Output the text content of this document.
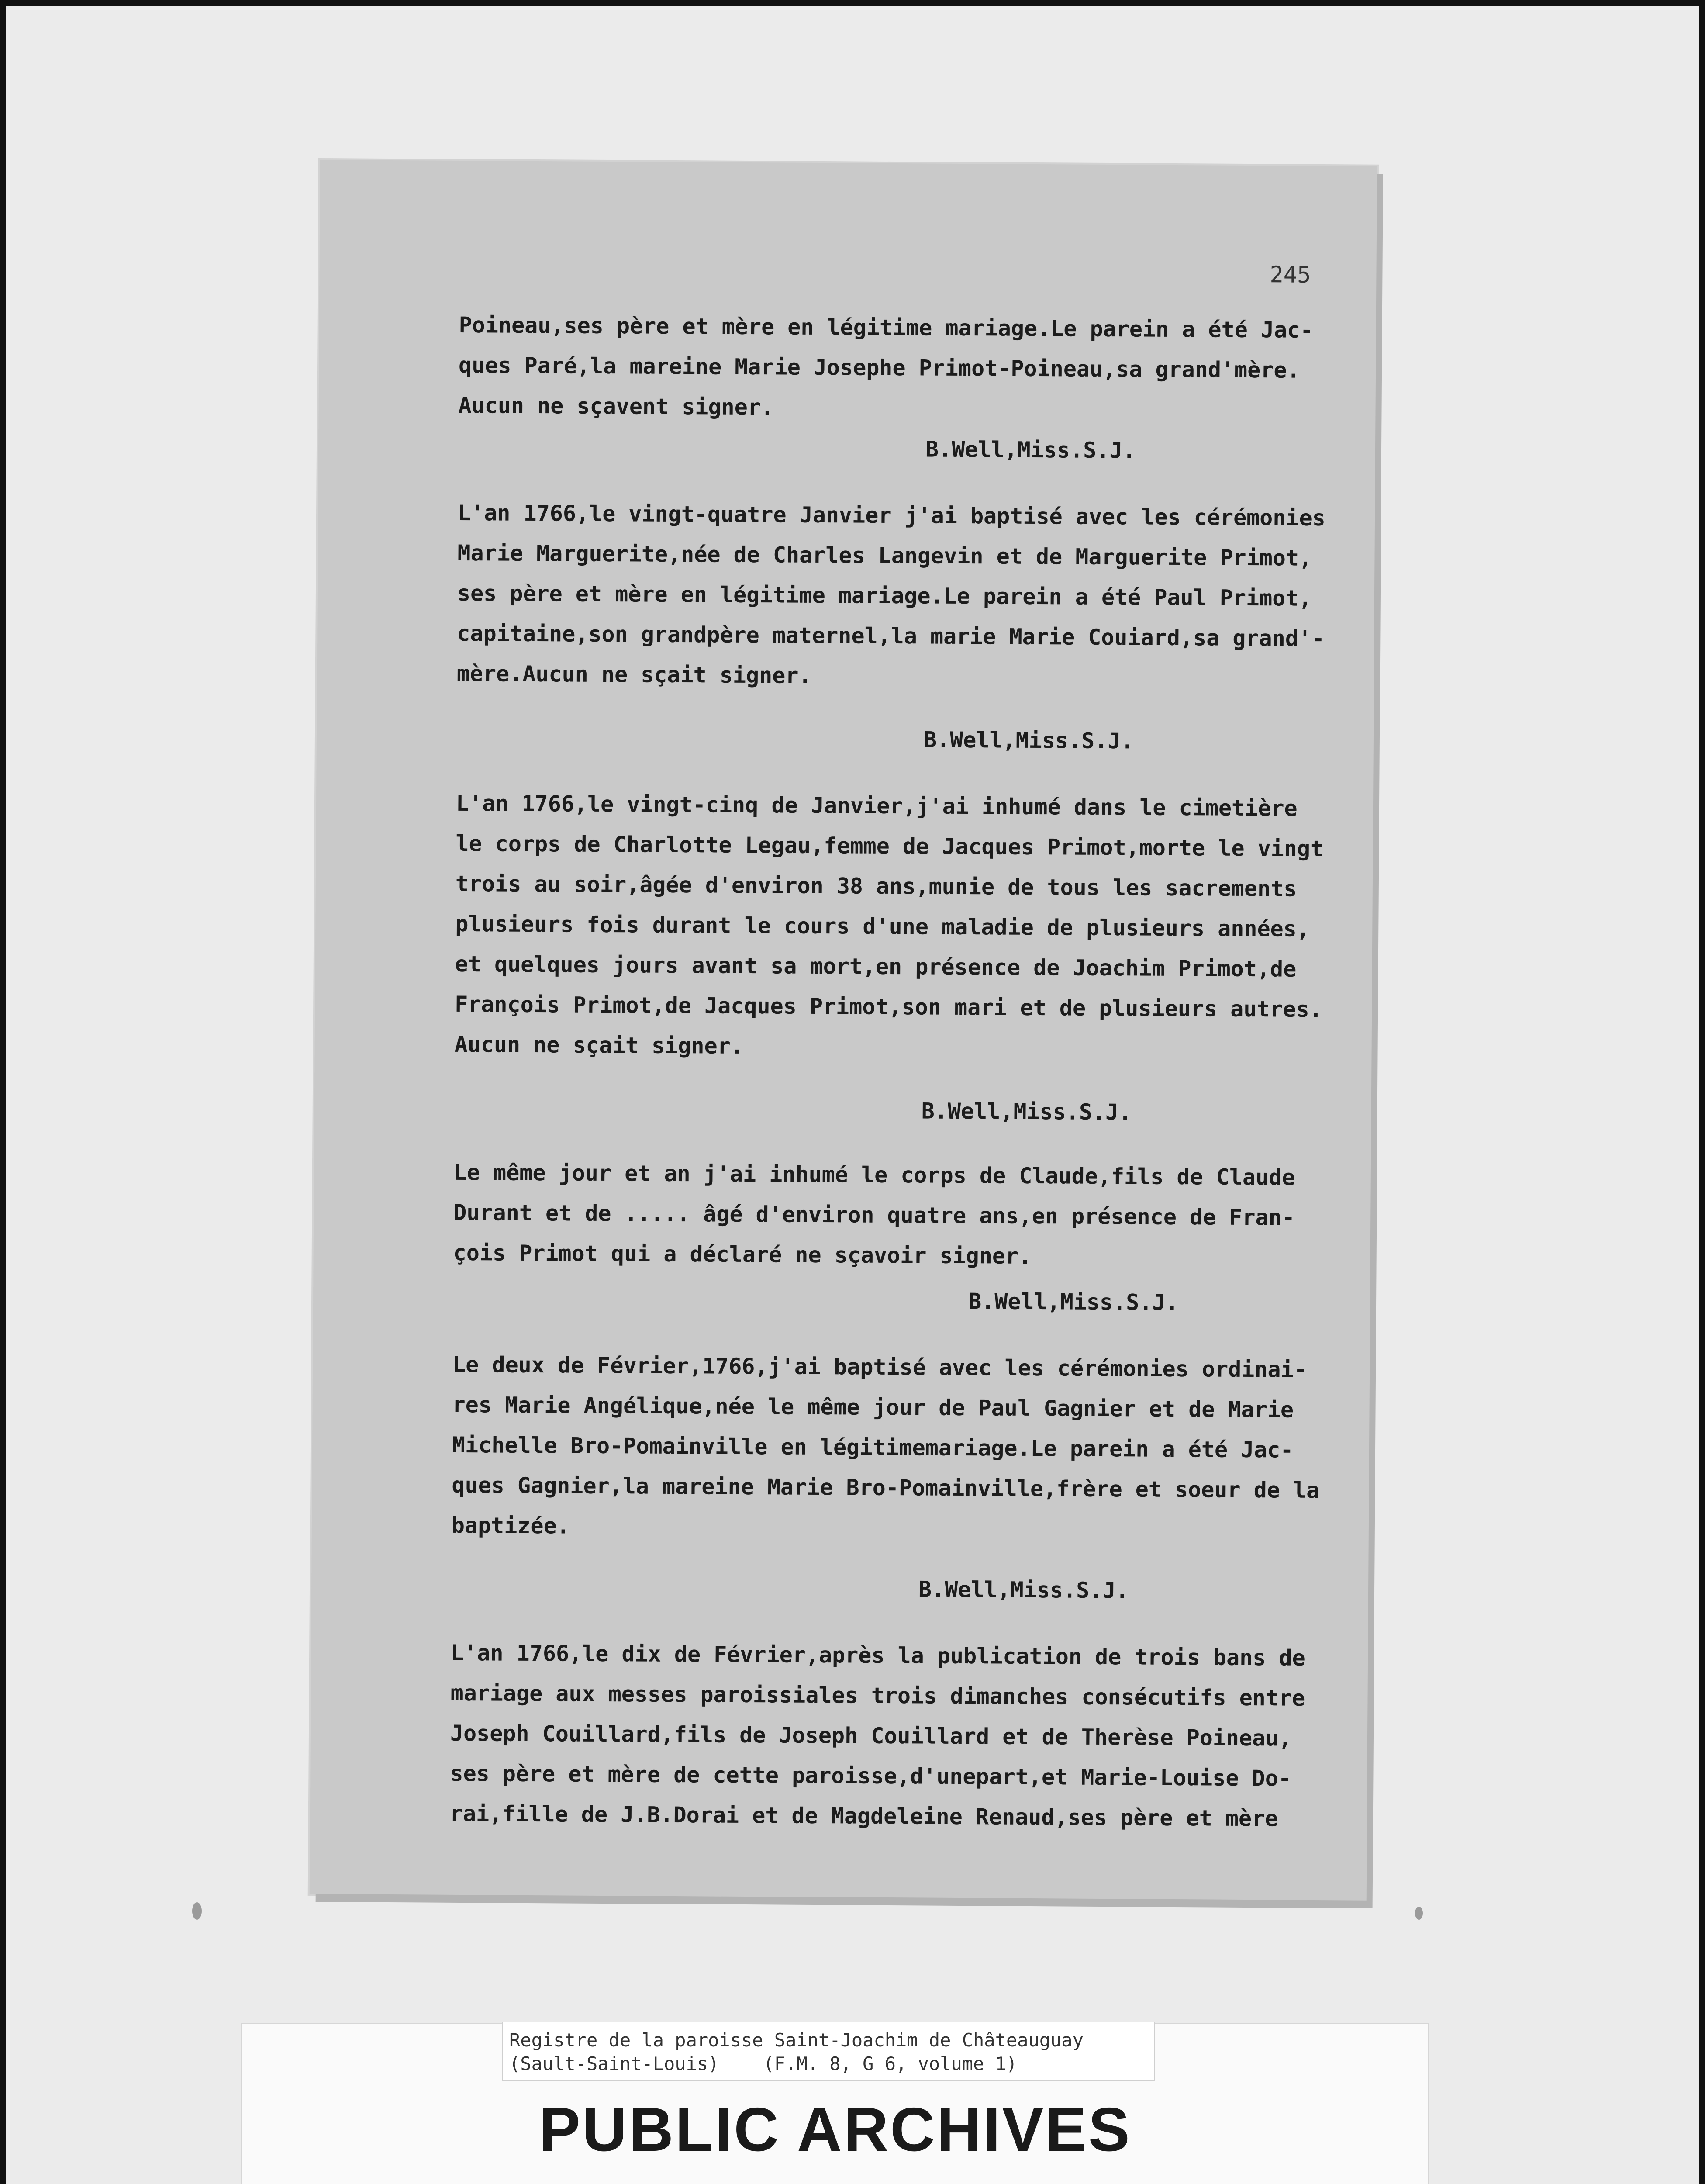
245
Poineau,ses père et mère en légitime mariage.Le parein a été Jac-
ques Paré,la mareine Marie Josephe Primot-Poineau,sa grand'mère.
Aucun ne sçavent signer.
B.Well,Miss.S.J.
L'an 1766,le vingt-quatre Janvier j'ai baptisé avec les cérémonies
Marie Marguerite,née de Charles Langevin et de Marguerite Primot,
ses père et mère en légitime mariage.Le parein a été Paul Primot,
capitaine,son grandpère maternel,la marie Marie Couiard,sa grand'-
mère.Aucun ne sçait signer.
B.Well,Miss.S.J.
L'an 1766,le vingt-cinq de Janvier,j'ai inhumé dans le cimetière
le corps de Charlotte Legau,femme de Jacques Primot,morte le vingt
trois au soir,âgée d'environ 38 ans,munie de tous les sacrements
plusieurs fois durant le cours d'une maladie de plusieurs années,
et quelques jours avant sa mort,en présence de Joachim Primot,de
François Primot,de Jacques Primot,son mari et de plusieurs autres.
Aucun ne sçait signer.
B.Well,Miss.S.J.
Le même jour et an j'ai inhumé le corps de Claude,fils de Claude
Durant et de ..... âgé d'environ quatre ans,en présence de Fran-
çois Primot qui a déclaré ne sçavoir signer.
B.Well,Miss.S.J.
Le deux de Février,1766,j'ai baptisé avec les cérémonies ordinai-
res Marie Angélique,née le même jour de Paul Gagnier et de Marie
Michelle Bro-Pomainville en légitimemariage.Le parein a été Jac-
ques Gagnier,la mareine Marie Bro-Pomainville,frère et soeur de la
baptizée.
B.Well,Miss.S.J.
L'an 1766,le dix de Février,après la publication de trois bans de
mariage aux messes paroissiales trois dimanches consécutifs entre
Joseph Couillard,fils de Joseph Couillard et de Therèse Poineau,
ses père et mère de cette paroisse,d'unepart,et Marie-Louise Do-
rai,fille de J.B.Dorai et de Magdeleine Renaud,ses père et mère
Registre de la paroisse Saint-Joachim de Châteauguay
(Sault-Saint-Louis)    (F.M. 8, G 6, volume 1)
PUBLIC ARCHIVES
